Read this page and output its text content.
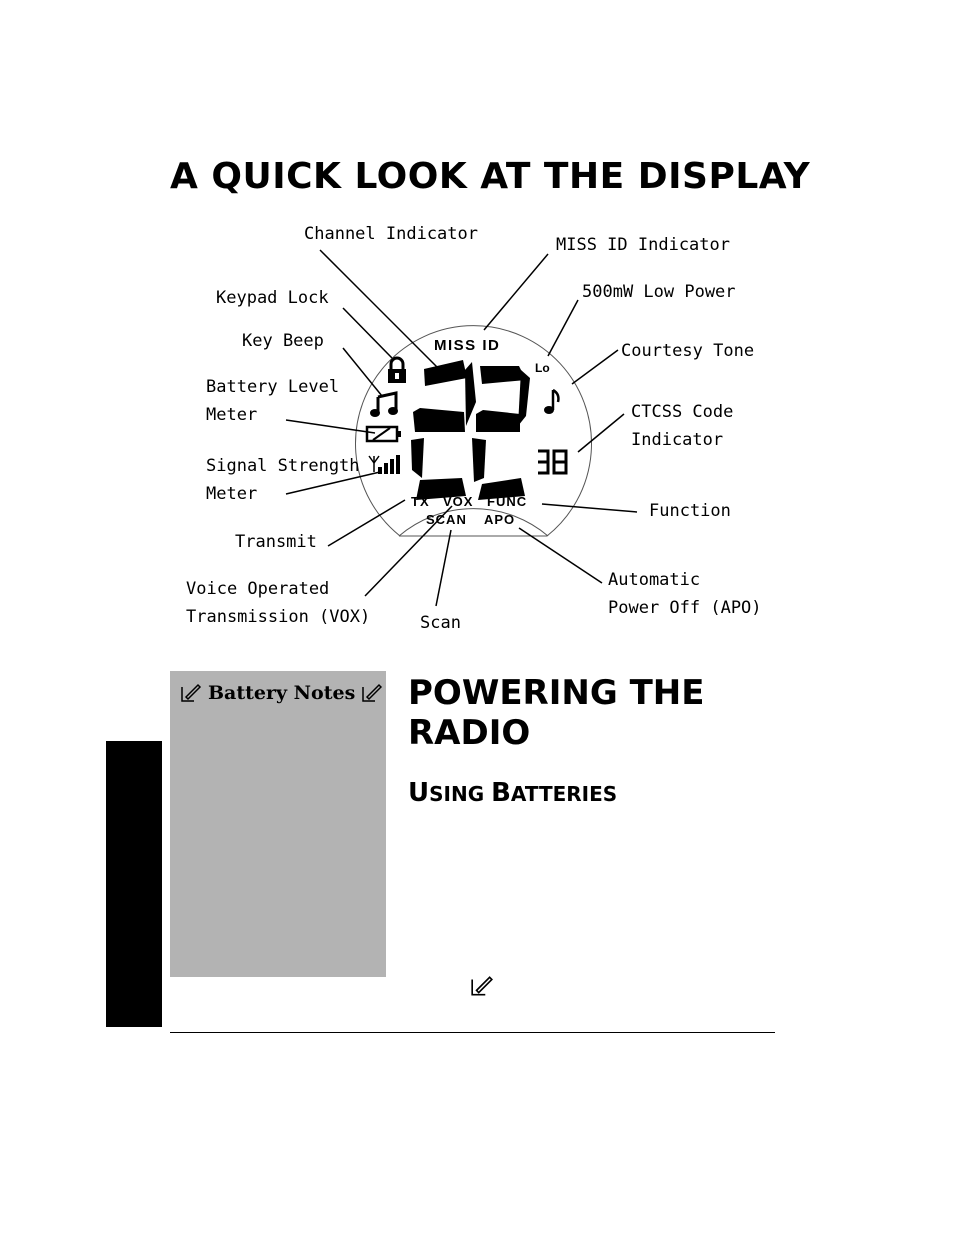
A QUICK LOOK AT THE DISPLAY
MISS ID
Lo
TX VOX FUNC
SCAN APO
Channel Indicator
MISS ID Indicator
Keypad Lock	500mW Low Power
Key Beep	Courtesy Tone
Battery Level
Meter	CTCSS Code
Indicator
Signal Strength
Meter
Function
Transmit
Automatic
Power Off (APO)
Voice Operated
Transmission (VOX)	Scan
Battery Notes POWERING THE RADIO
USING BATTERIES
